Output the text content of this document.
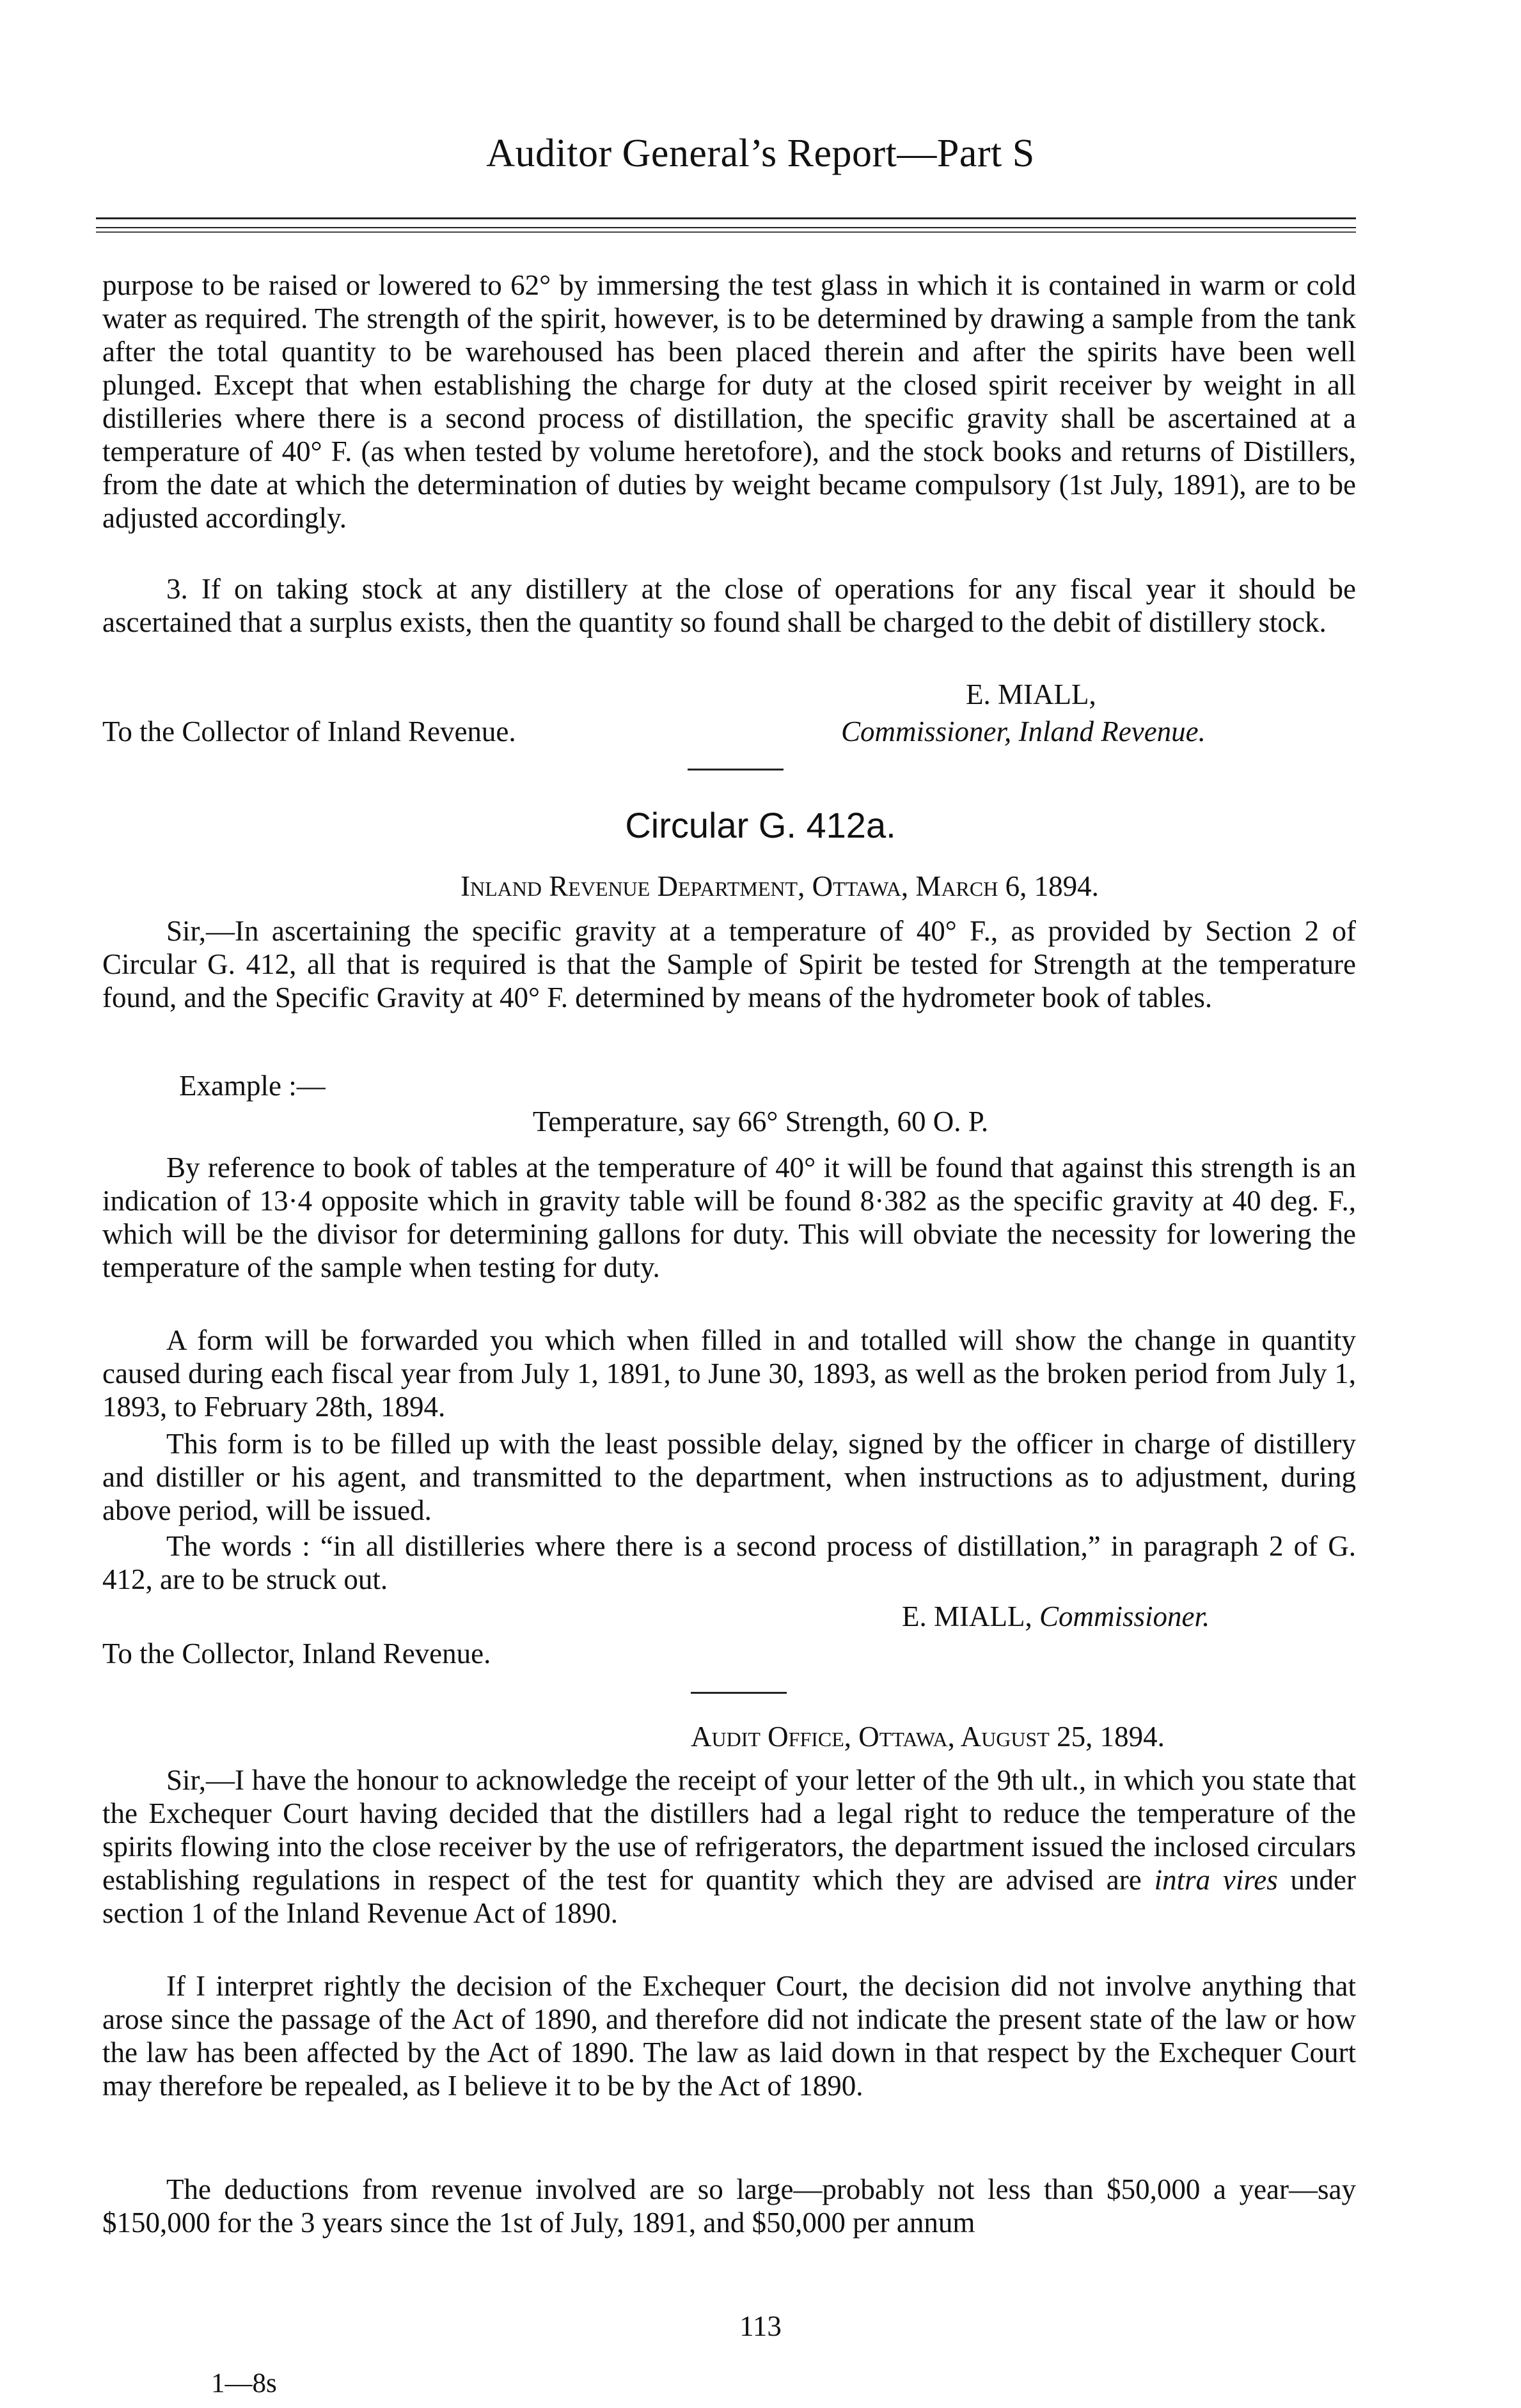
Auditor General’s Report—Part S
purpose to be raised or lowered to 62° by immersing the test glass in which it is contained in warm or cold water as required. The strength of the spirit, however, is to be determined by drawing a sample from the tank after the total quantity to be warehoused has been placed therein and after the spirits have been well plunged. Except that when establishing the charge for duty at the closed spirit receiver by weight in all distilleries where there is a second process of distillation, the specific gravity shall be ascertained at a temperature of 40° F. (as when tested by volume heretofore), and the stock books and returns of Distillers, from the date at which the determination of duties by weight became compulsory (1st July, 1891), are to be adjusted accordingly.
3. If on taking stock at any distillery at the close of operations for any fiscal year it should be ascertained that a surplus exists, then the quantity so found shall be charged to the debit of distillery stock.
E. MIALL,
To the Collector of Inland Revenue.	Commissioner, Inland Revenue.
Circular G. 412a.
Inland Revenue Department, Ottawa, March 6, 1894.
Sir,—In ascertaining the specific gravity at a temperature of 40° F., as provided by Section 2 of Circular G. 412, all that is required is that the Sample of Spirit be tested for Strength at the temperature found, and the Specific Gravity at 40° F. determined by means of the hydrometer book of tables.
Example :—
Temperature, say 66° Strength, 60 O. P.
By reference to book of tables at the temperature of 40° it will be found that against this strength is an indication of 13·4 opposite which in gravity table will be found 8·382 as the specific gravity at 40 deg. F., which will be the divisor for determining gallons for duty. This will obviate the necessity for lowering the temperature of the sample when testing for duty.
A form will be forwarded you which when filled in and totalled will show the change in quantity caused during each fiscal year from July 1, 1891, to June 30, 1893, as well as the broken period from July 1, 1893, to February 28th, 1894.
This form is to be filled up with the least possible delay, signed by the officer in charge of distillery and distiller or his agent, and transmitted to the department, when instructions as to adjustment, during above period, will be issued.
The words : “in all distilleries where there is a second process of distillation,” in paragraph 2 of G. 412, are to be struck out.
E. MIALL, Commissioner.
To the Collector, Inland Revenue.
Audit Office, Ottawa, August 25, 1894.
Sir,—I have the honour to acknowledge the receipt of your letter of the 9th ult., in which you state that the Exchequer Court having decided that the distillers had a legal right to reduce the temperature of the spirits flowing into the close receiver by the use of refrigerators, the department issued the inclosed circulars establishing regulations in respect of the test for quantity which they are advised are intra vires under section 1 of the Inland Revenue Act of 1890.
If I interpret rightly the decision of the Exchequer Court, the decision did not involve anything that arose since the passage of the Act of 1890, and therefore did not indicate the present state of the law or how the law has been affected by the Act of 1890. The law as laid down in that respect by the Exchequer Court may therefore be repealed, as I believe it to be by the Act of 1890.
The deductions from revenue involved are so large—probably not less than $50,000 a year—say $150,000 for the 3 years since the 1st of July, 1891, and $50,000 per annum
113
1—8s
